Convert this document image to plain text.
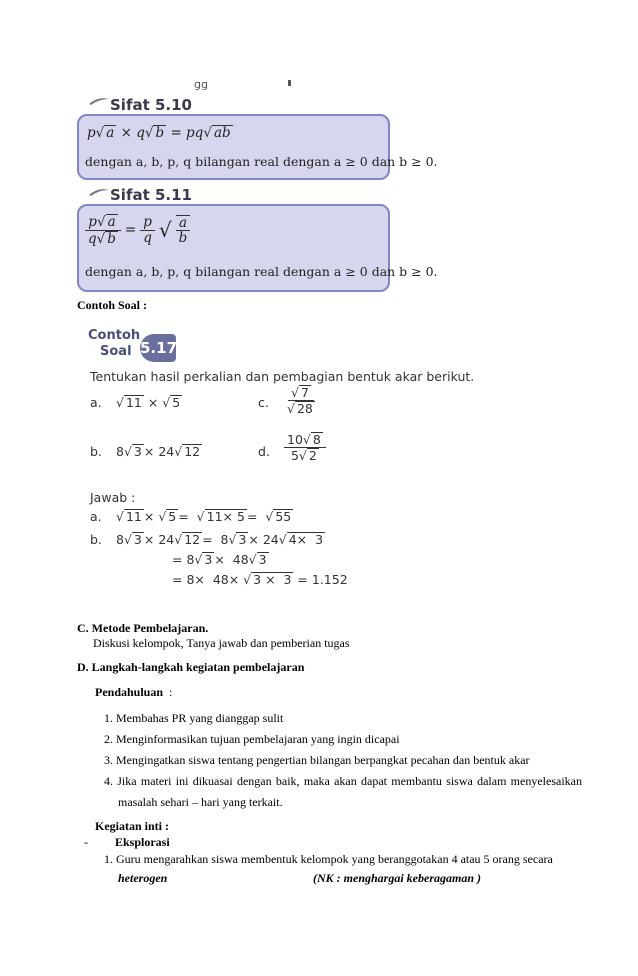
ɡɡ
Sifat 5.10
p√ a × q√ b = pq√ ab
dengan a, b, p, q bilangan real dengan a ≥ 0 dan b ≥ 0.
Sifat 5.11
$\frac{p√ a}{q√ b} = \frac{p}{q}$ √ $\frac{a}{b}$
dengan a, b, p, q bilangan real dengan a ≥ 0 dan b ≥ 0.
Contoh Soal :
Contoh
Soal 5.17
Tentukan hasil perkalian dan pembagian bentuk akar berikut.
a. √ 11 × √ 5	c. $\frac{√ 7}{√ 28}$
b. 8√ 3 × 24√ 12	d. $\frac{10√ 8}{5√ 2}$
Jawab :
a. √ 11 × √ 5 =  √ 11× 5 =  √ 55
b. 8√ 3 × 24√ 12 =  8√ 3 × 24√ 4×  3
= 8√ 3 ×  48√ 3
= 8×  48× √ 3 ×  3 = 1.152
C. Metode Pembelajaran.
Diskusi kelompok, Tanya jawab dan pemberian tugas
D. Langkah-langkah kegiatan pembelajaran
Pendahuluan :
1. Membahas PR yang dianggap sulit
2. Menginformasikan tujuan pembelajaran yang ingin dicapai
3. Mengingatkan siswa tentang pengertian bilangan berpangkat pecahan dan bentuk akar
4. Jika materi ini dikuasai dengan baik, maka akan dapat membantu siswa dalam menyelesaikan
masalah sehari – hari yang terkait.
Kegiatan inti :
- Eksplorasi
1. Guru mengarahkan siswa membentuk kelompok yang beranggotakan 4 atau 5 orang secara
heterogen	(NK : menghargai keberagaman )
